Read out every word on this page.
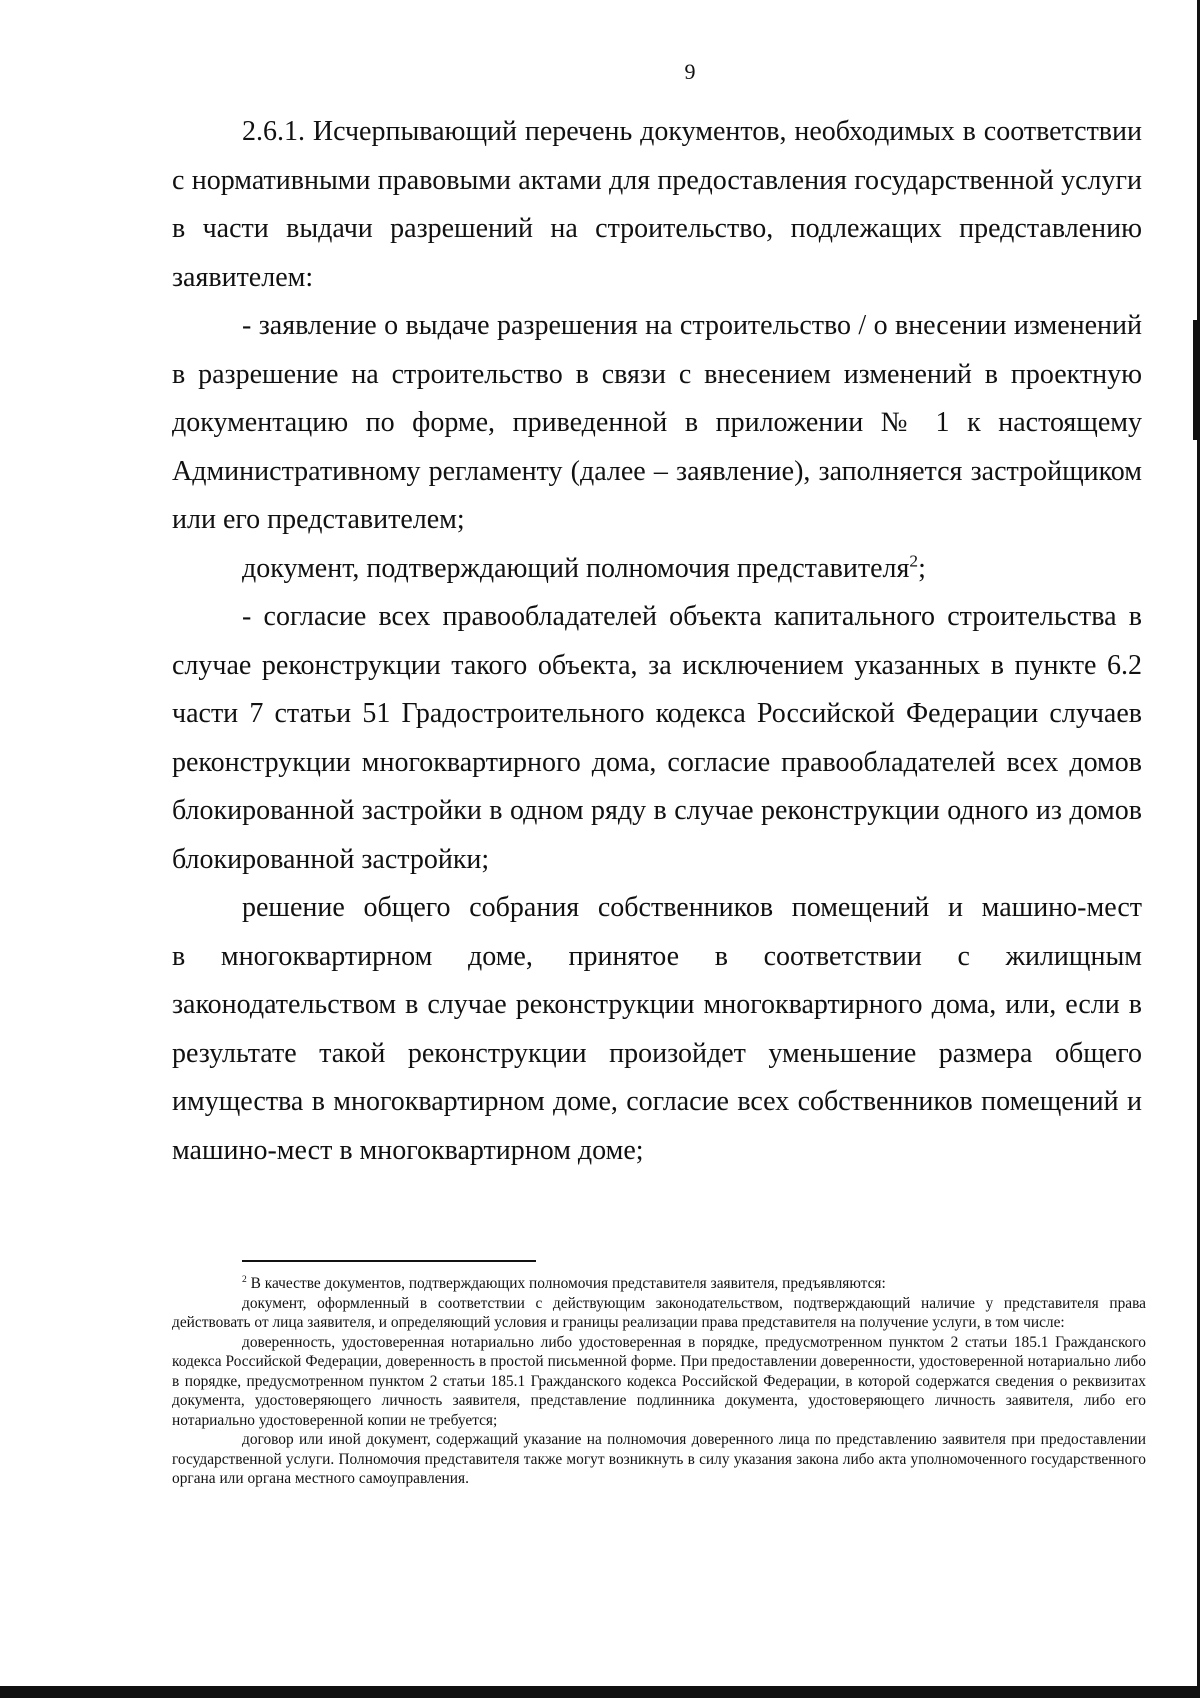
9

2.6.1. Исчерпывающий перечень документов, необходимых в соответствии с нормативными правовыми актами для предоставления государственной услуги в части выдачи разрешений на строительство, подлежащих представлению заявителем:

- заявление о выдаче разрешения на строительство / о внесении изменений в разрешение на строительство в связи с внесением изменений в проектную документацию по форме, приведенной в приложении № 1 к настоящему Административному регламенту (далее – заявление), заполняется застройщиком или его представителем;

документ, подтверждающий полномочия представителя$^2$;

- согласие всех правообладателей объекта капитального строительства в случае реконструкции такого объекта, за исключением указанных в пункте 6.2 части 7 статьи 51 Градостроительного кодекса Российской Федерации случаев реконструкции многоквартирного дома, согласие правообладателей всех домов блокированной застройки в одном ряду в случае реконструкции одного из домов блокированной застройки;

решение общего собрания собственников помещений и машино-мест

в многоквартирном доме, принятое в соответствии с жилищным законодательством в случае реконструкции многоквартирного дома, или, если в результате такой реконструкции произойдет уменьшение размера общего имущества в многоквартирном доме, согласие всех собственников помещений и машино-мест в многоквартирном доме;

$^2$ В качестве документов, подтверждающих полномочия представителя заявителя, предъявляются:

документ, оформленный в соответствии с действующим законодательством, подтверждающий наличие у представителя права действовать от лица заявителя, и определяющий условия и границы реализации права представителя на получение услуги, в том числе:

доверенность, удостоверенная нотариально либо удостоверенная в порядке, предусмотренном пунктом 2 статьи 185.1 Гражданского кодекса Российской Федерации, доверенность в простой письменной форме. При предоставлении доверенности, удостоверенной нотариально либо в порядке, предусмотренном пунктом 2 статьи 185.1 Гражданского кодекса Российской Федерации, в которой содержатся сведения о реквизитах документа, удостоверяющего личность заявителя, представление подлинника документа, удостоверяющего личность заявителя, либо его нотариально удостоверенной копии не требуется;

договор или иной документ, содержащий указание на полномочия доверенного лица по представлению заявителя при предоставлении государственной услуги. Полномочия представителя также могут возникнуть в силу указания закона либо акта уполномоченного государственного органа или органа местного самоуправления.
